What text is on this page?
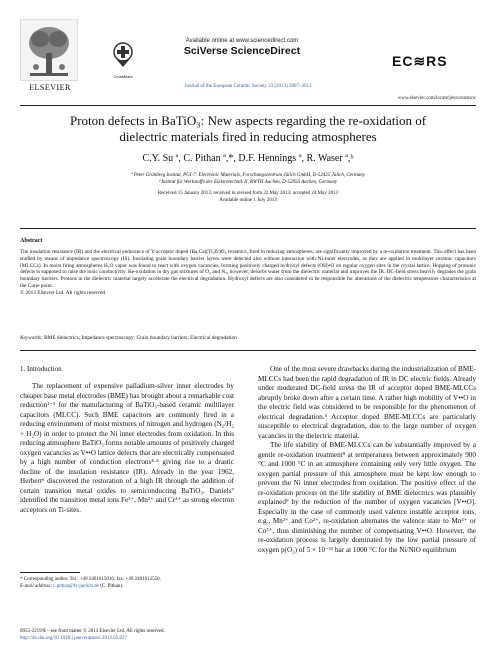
ELSEVIER
Available online at www.sciencedirect.com
SciVerse ScienceDirect
CrossMark
Journal of the European Ceramic Society 33 (2013) 3007–3013
EC≋RS
www.elsevier.com/locate/jeurceramsoc
Proton defects in BaTiO₃: New aspects regarding the re-oxidation of
dielectric materials fired in reducing atmospheres
C.Y. Su ª, C. Pithan ª,*, D.F. Hennings ª, R. Waser ª,ᵇ
ª Peter Grünberg Institut, PGI-7: Electronic Materials, Forschungszentrum Jülich GmbH, D-52425 Jülich, Germany
ᵇ Institut für Werkstoffe der Elektrotechnik II, RWTH Aachen, D-52056 Aachen, Germany
Received 15 January 2013; received in revised form 22 May 2013; accepted 24 May 2013
Available online 1 July 2013
Abstract
The insulation resistance (IR) and the electrical endurance of Y-acceptor doped (Ba,Ca)(Ti,Zr)O₃ ceramics, fired in reducing atmospheres, are significantly improved by a re-oxidation treatment. This effect has been studied by means of impedance spectroscopy (IS). Insulating grain boundary barrier layers were detected also without interaction with Ni-inner electrodes, as they are applied in multilayer ceramic capacitors (MLCCs). In moist firing atmospheres H₂O vapor was found to react with oxygen vacancies, forming positively charged hydroxyl defects (OH)•O on regular oxygen sites in the crystal lattice. Hopping of protonic defects is supposed to raise the ionic conductivity. Re-oxidation in dry gas mixtures of O₂ and N₂, however, desorbs water from the dielectric material and improves the IR. DC-field stress heavily degrades the grain boundary barriers. Protons in the dielectric material largely accelerate the electrical degradation. Hydroxyl defects are also considered to be responsible for alterations of the dielectric temperature characteristics at the Curie point.
© 2013 Elsevier Ltd. All rights reserved.
Keywords: BME dielectrics; Impedance spectroscopy; Grain boundary barriers; Electrical degradation
1. Introduction

The replacement of expensive palladium-silver inner electrodes by cheaper base metal electrodes (BME) has brought about a remarkable cost reduction¹⁻³ for the manufacturing of BaTiO₃-based ceramic multilayer capacitors (MLCC). Such BME capacitors are commonly fired in a reducing environment of moist mixtures of nitrogen and hydrogen (N₂/H₂ + H₂O) in order to protect the Ni inner electrodes from oxidation. In this reducing atmosphere BaTiO₃ forms notable amounts of positively charged oxygen vacancies as V••O lattice defects that are electrically compensated by a high number of conduction electrons⁴·⁵ giving rise to a drastic decline of the insulation resistance (IR). Already in the year 1962, Herbert⁶ discovered the restoration of a high IR through the addition of certain transition metal oxides to semiconducting BaTiO₃. Daniels⁷ identified the transition metal ions Fe³⁺, Mn²⁺ and Cr³⁺ as strong electron acceptors on Ti-sites.

One of the most severe drawbacks during the industrialization of BME-MLCCs had been the rapid degradation of IR in DC electric fields. Already under moderated DC-field stress the IR of acceptor doped BME-MLCCs abruptly broke down after a certain time. A rather high mobility of V••O in the electric field was considered to be responsible for the phenomenon of electrical degradation.⁵ Acceptor doped BME-MLCCs are particularly susceptible to electrical degradation, due to the large number of oxygen vacancies in the dielectric material.

The life stability of BME-MLCCs can be substantially improved by a gentle re-oxidation treatment⁸ at temperatures between approximately 900 °C and 1000 °C in an atmosphere containing only very little oxygen. The oxygen partial pressure of this atmosphere must be kept low enough to prevent the Ni inner electrodes from oxidation. The positive effect of the re-oxidation process on the life stability of BME dielectrics was plausibly explained⁹ by the reduction of the number of oxygen vacancies [V••O]. Especially in the case of commonly used valence instable acceptor ions, e.g., Mn²⁺ and Co²⁺, re-oxidation alternates the valence state to Mn³⁺ or Co³⁺, thus diminishing the number of compensating V••O. However, the re-oxidation process is largely dominated by the low partial pressure of oxygen p(O₂) of 5 × 10⁻¹¹ bar at 1000 °C for the Ni/NiO equilibrium

* Corresponding author. Tel.: +49 2461615016; fax: +49 2461612550.
E-mail address: c.pithan@fz-juelich.de (C. Pithan).
0955-2219/$ – see front matter © 2013 Elsevier Ltd. All rights reserved.
http://dx.doi.org/10.1016/j.jeurceramsoc.2013.05.027
